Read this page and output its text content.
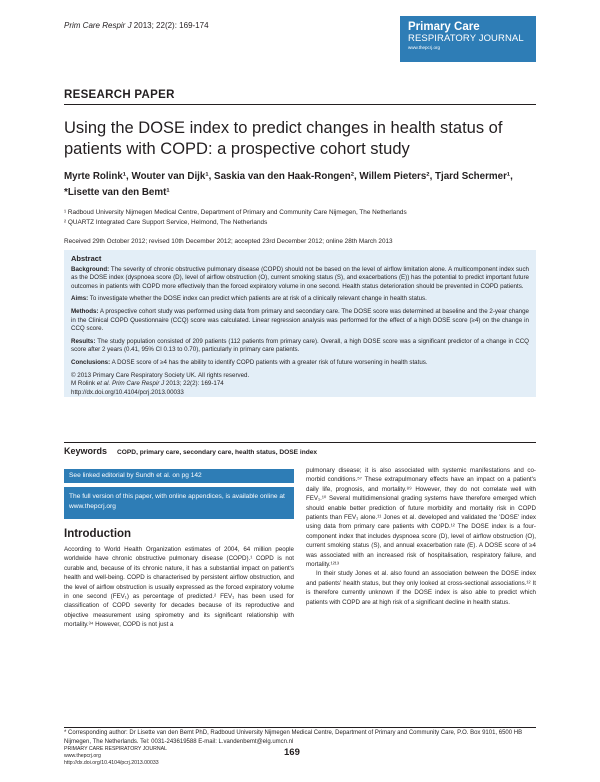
Prim Care Respir J 2013; 22(2): 169-174	Primary Care
RESPIRATORY JOURNAL
www.thepcrj.org
RESEARCH PAPER
Using the DOSE index to predict changes in health status of patients with COPD: a prospective cohort study
Myrte Rolink¹, Wouter van Dijk¹, Saskia van den Haak-Rongen², Willem Pieters², Tjard Schermer¹, *Lisette van den Bemt¹
¹ Radboud University Nijmegen Medical Centre, Department of Primary and Community Care Nijmegen, The Netherlands
² QUARTZ Integrated Care Support Service, Helmond, The Netherlands
Received 29th October 2012; revised 10th December 2012; accepted 23rd December 2012; online 28th March 2013
Abstract

Background: The severity of chronic obstructive pulmonary disease (COPD) should not be based on the level of airflow limitation alone. A multicomponent index such as the DOSE index (dyspnoea score (D), level of airflow obstruction (O), current smoking status (S), and exacerbations (E)) has the potential to predict important future outcomes in patients with COPD more effectively than the forced expiratory volume in one second. Health status deterioration should be prevented in COPD patients.

Aims: To investigate whether the DOSE index can predict which patients are at risk of a clinically relevant change in health status.

Methods: A prospective cohort study was performed using data from primary and secondary care. The DOSE score was determined at baseline and the 2-year change in the Clinical COPD Questionnaire (CCQ) score was calculated. Linear regression analysis was performed for the effect of a high DOSE score (≥4) on the change in CCQ score.

Results: The study population consisted of 209 patients (112 patients from primary care). Overall, a high DOSE score was a significant predictor of a change in CCQ score after 2 years (0.41, 95% CI 0.13 to 0.70), particularly in primary care patients.

Conclusions: A DOSE score of ≥4 has the ability to identify COPD patients with a greater risk of future worsening in health status.

© 2013 Primary Care Respiratory Society UK. All rights reserved.
M Rolink et al. Prim Care Respir J 2013; 22(2): 169-174
http://dx.doi.org/10.4104/pcrj.2013.00033
Keywords COPD, primary care, secondary care, health status, DOSE index
See linked editorial by Sundh et al. on pg 142
The full version of this paper, with online appendices, is available online at www.thepcrj.org
Introduction

According to World Health Organization estimates of 2004, 64 million people worldwide have chronic obstructive pulmonary disease (COPD).¹ COPD is not curable and, because of its chronic nature, it has a substantial impact on patient's health and well-being. COPD is characterised by persistent airflow obstruction, and the level of airflow obstruction is usually expressed as the forced expiratory volume in one second (FEV₁) as percentage of predicted.² FEV₁ has been used for classification of COPD severity for decades because of its reproductive and objective measurement using spirometry and its significant relationship with mortality.³⁴ However, COPD is not just a

pulmonary disease; it is also associated with systemic manifestations and co-morbid conditions.⁵⁷ These extrapulmonary effects have an impact on a patient's daily life, prognosis, and mortality.⁸⁹ However, they do not correlate well with FEV₁.¹⁰ Several multidimensional grading systems have therefore emerged which should enable better prediction of future morbidity and mortality risk in COPD patients than FEV₁ alone.¹¹ Jones et al. developed and validated the 'DOSE' index using data from primary care patients with COPD.¹² The DOSE index is a four-component index that includes dyspnoea score (D), level of airflow obstruction (O), current smoking status (S), and annual exacerbation rate (E). A DOSE score of ≥4 was associated with an increased risk of hospitalisation, respiratory failure, and mortality.¹²¹³

In their study Jones et al. also found an association between the DOSE index and patients' health status, but they only looked at cross-sectional associations.¹² It is therefore currently unknown if the DOSE index is also able to predict which patients with COPD are at high risk of a significant decline in health status.

* Corresponding author: Dr Lisette van den Bemt PhD, Radboud University Nijmegen Medical Centre, Department of Primary and Community Care, P.O. Box 9101, 6500 HB Nijmegen, The Netherlands. Tel: 0031-243619588 E-mail: L.vandenbemt@elg.umcn.nl
PRIMARY CARE RESPIRATORY JOURNAL
www.thepcrj.org
http://dx.doi.org/10.4104/pcrj.2013.00033
169
